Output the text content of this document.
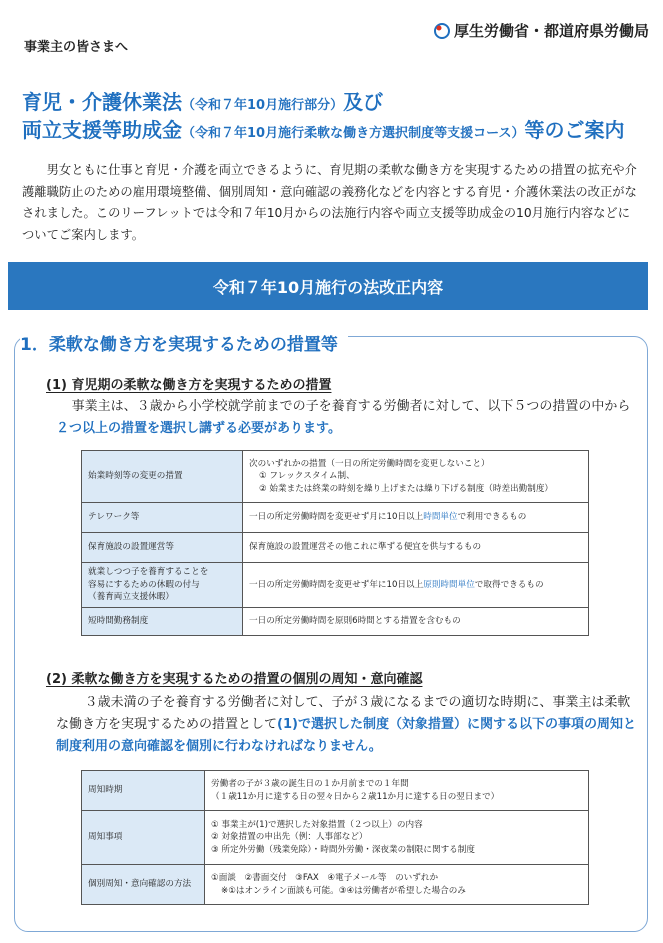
事業主の皆さまへ
厚生労働省・都道府県労働局
育児・介護休業法（令和７年10月施行部分）及び
両立支援等助成金（令和７年10月施行柔軟な働き方選択制度等支援コース）等のご案内
男女ともに仕事と育児・介護を両立できるように、育児期の柔軟な働き方を実現するための措置の拡充や介護離職防止のための雇用環境整備、個別周知・意向確認の義務化などを内容とする育児・介護休業法の改正がなされました。このリーフレットでは令和７年10月からの法施行内容や両立支援等助成金の10月施行内容などについてご案内します。
令和７年10月施行の法改正内容
1．柔軟な働き方を実現するための措置等
(1) 育児期の柔軟な働き方を実現するための措置
事業主は、３歳から小学校就学前までの子を養育する労働者に対して、以下５つの措置の中から２つ以上の措置を選択し講ずる必要があります。
始業時刻等の変更の措置	次のいずれかの措置（一日の所定労働時間を変更しないこと）
① フレックスタイム制、
② 始業または終業の時刻を繰り上げまたは繰り下げる制度（時差出勤制度）

テレワーク等	一日の所定労働時間を変更せず月に10日以上時間単位で利用できるもの
保育施設の設置運営等	保育施設の設置運営その他これに準ずる便宜を供与するもの

就業しつつ子を養育することを
容易にするための休暇の付与
（養育両立支援休暇）	一日の所定労働時間を変更せず年に10日以上原則時間単位で取得できるもの
短時間勤務制度	一日の所定労働時間を原則6時間とする措置を含むもの
(2) 柔軟な働き方を実現するための措置の個別の周知・意向確認
３歳未満の子を養育する労働者に対して、子が３歳になるまでの適切な時期に、事業主は柔軟な働き方を実現するための措置として(1)で選択した制度（対象措置）に関する以下の事項の周知と制度利用の意向確認を個別に行わなければなりません。
周知時期	労働者の子が３歳の誕生日の１か月前までの１年間
（１歳11か月に達する日の翌々日から２歳11か月に達する日の翌日まで）

周知事項	① 事業主が(1)で選択した対象措置（２つ以上）の内容
② 対象措置の申出先（例：人事部など）
③ 所定外労働（残業免除）・時間外労働・深夜業の制限に関する制度

個別周知・意向確認の方法	①面談　②書面交付　③FAX　④電子メール等　のいずれか
※①はオンライン面談も可能。③④は労働者が希望した場合のみ
